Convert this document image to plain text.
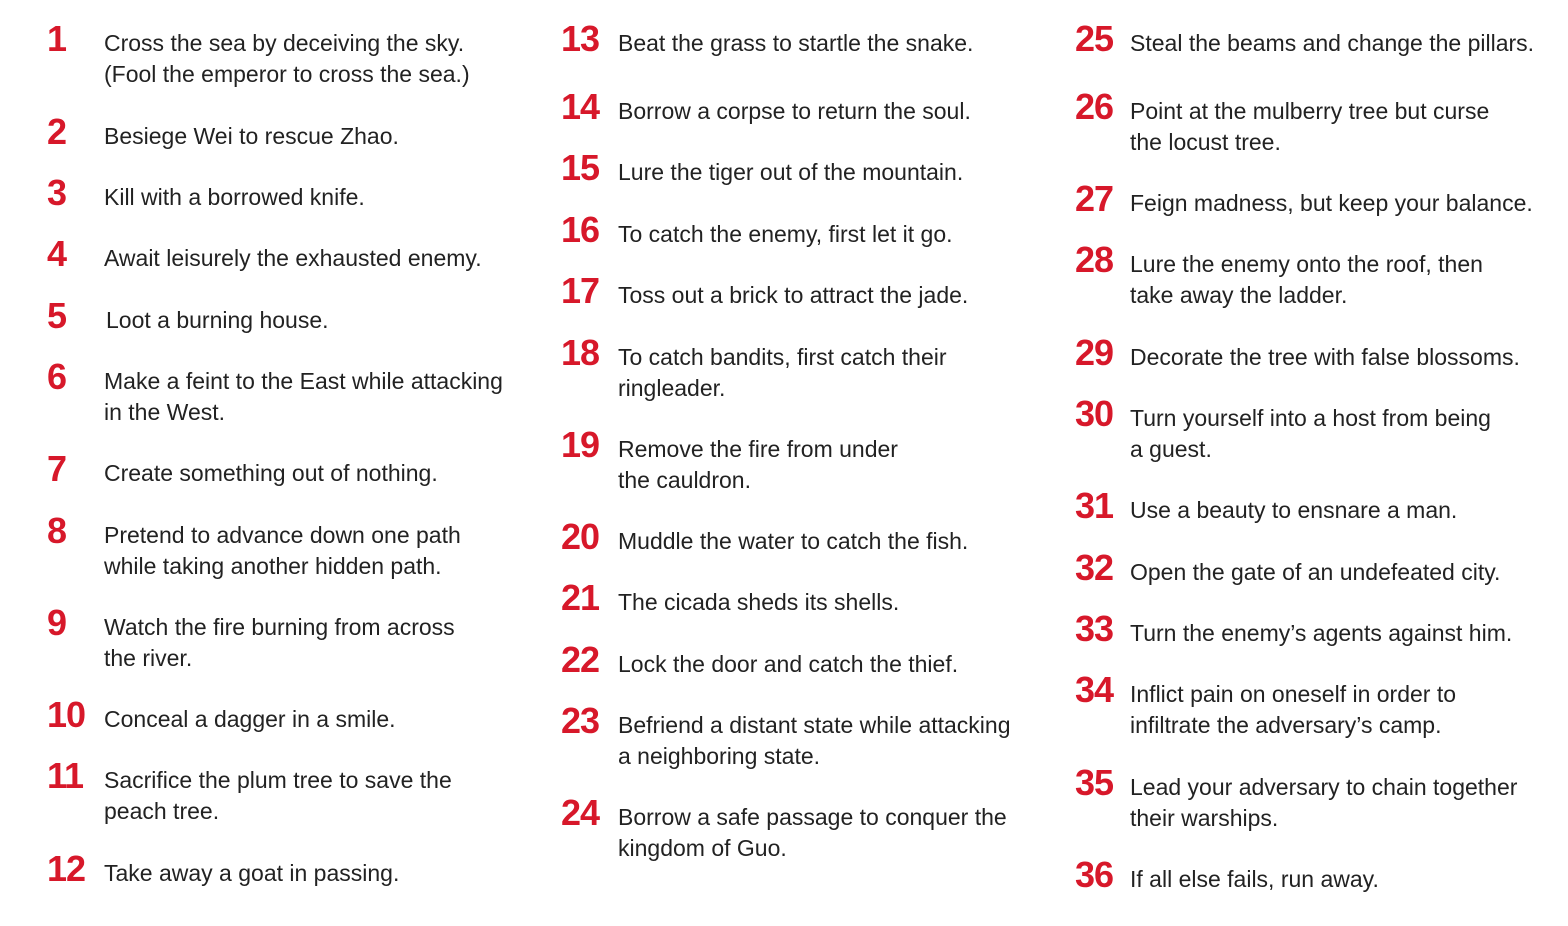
1 Cross the sea by deceiving the sky.
(Fool the emperor to cross the sea.)
2 Besiege Wei to rescue Zhao.
3 Kill with a borrowed knife.
4 Await leisurely the exhausted enemy.
5 Loot a burning house.
6 Make a feint to the East while attacking
in the West.
7 Create something out of nothing.
8 Pretend to advance down one path
while taking another hidden path.
9 Watch the fire burning from across
the river.
10 Conceal a dagger in a smile.
11 Sacrifice the plum tree to save the
peach tree.
12 Take away a goat in passing.
13 Beat the grass to startle the snake.
14 Borrow a corpse to return the soul.
15 Lure the tiger out of the mountain.
16 To catch the enemy, first let it go.
17 Toss out a brick to attract the jade.
18 To catch bandits, first catch their
ringleader.
19 Remove the fire from under
the cauldron.
20 Muddle the water to catch the fish.
21 The cicada sheds its shells.
22 Lock the door and catch the thief.
23 Befriend a distant state while attacking
a neighboring state.
24 Borrow a safe passage to conquer the
kingdom of Guo.
25 Steal the beams and change the pillars.
26 Point at the mulberry tree but curse
the locust tree.
27 Feign madness, but keep your balance.
28 Lure the enemy onto the roof, then
take away the ladder.
29 Decorate the tree with false blossoms.
30 Turn yourself into a host from being
a guest.
31 Use a beauty to ensnare a man.
32 Open the gate of an undefeated city.
33 Turn the enemy’s agents against him.
34 Inflict pain on oneself in order to
infiltrate the adversary’s camp.
35 Lead your adversary to chain together
their warships.
36 If all else fails, run away.
